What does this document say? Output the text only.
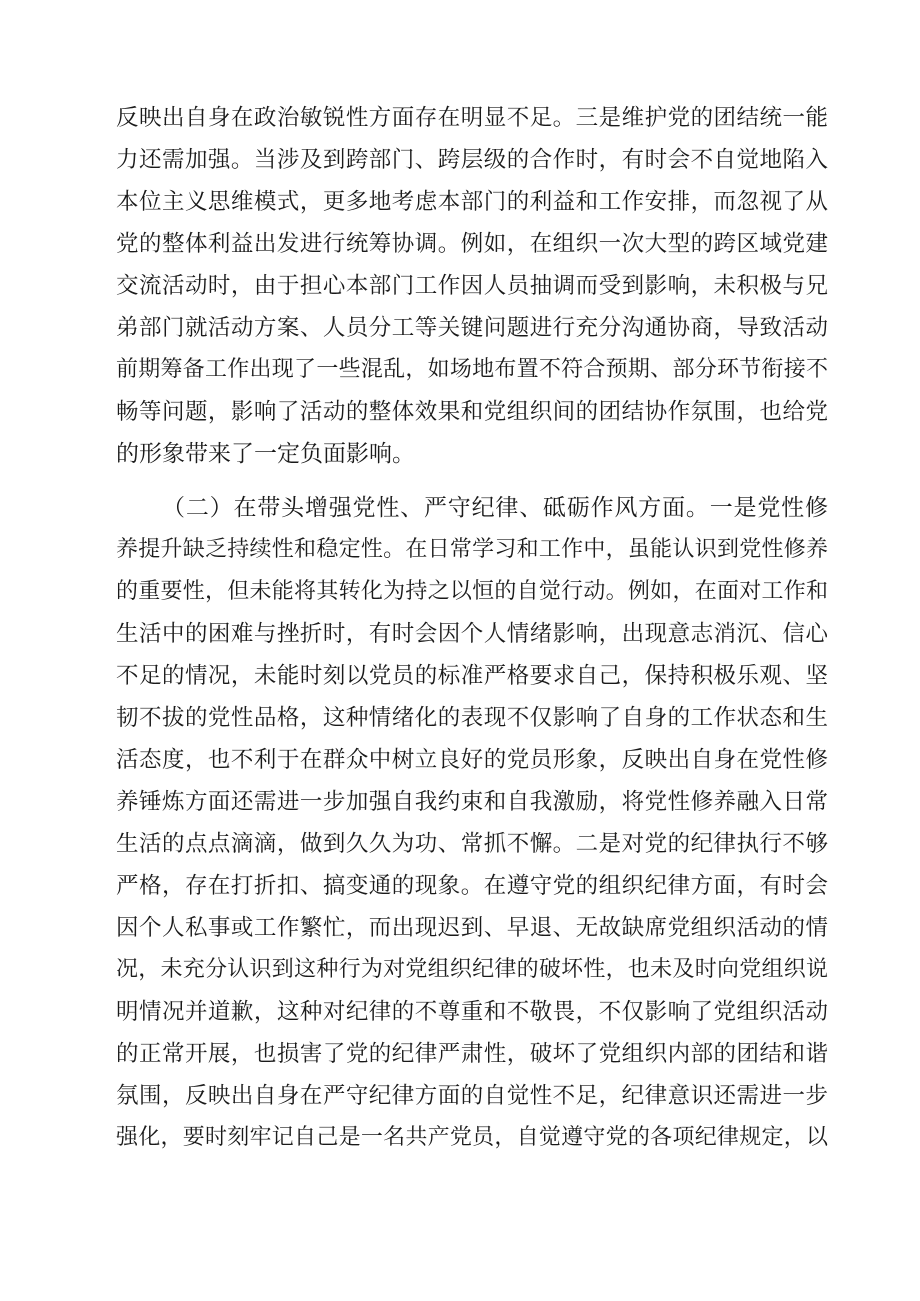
反映出自身在政治敏锐性方面存在明显不足。三是维护党的团结统一能
力还需加强。当涉及到跨部门、跨层级的合作时，有时会不自觉地陷入
本位主义思维模式，更多地考虑本部门的利益和工作安排，而忽视了从
党的整体利益出发进行统筹协调。例如，在组织一次大型的跨区域党建
交流活动时，由于担心本部门工作因人员抽调而受到影响，未积极与兄
弟部门就活动方案、人员分工等关键问题进行充分沟通协商，导致活动
前期筹备工作出现了一些混乱，如场地布置不符合预期、部分环节衔接不
畅等问题，影响了活动的整体效果和党组织间的团结协作氛围，也给党
的形象带来了一定负面影响。
（二）在带头增强党性、严守纪律、砥砺作风方面。一是党性修
养提升缺乏持续性和稳定性。在日常学习和工作中，虽能认识到党性修养
的重要性，但未能将其转化为持之以恒的自觉行动。例如，在面对工作和
生活中的困难与挫折时，有时会因个人情绪影响，出现意志消沉、信心
不足的情况，未能时刻以党员的标准严格要求自己，保持积极乐观、坚
韧不拔的党性品格，这种情绪化的表现不仅影响了自身的工作状态和生
活态度，也不利于在群众中树立良好的党员形象，反映出自身在党性修
养锤炼方面还需进一步加强自我约束和自我激励，将党性修养融入日常
生活的点点滴滴，做到久久为功、常抓不懈。二是对党的纪律执行不够
严格，存在打折扣、搞变通的现象。在遵守党的组织纪律方面，有时会
因个人私事或工作繁忙，而出现迟到、早退、无故缺席党组织活动的情
况，未充分认识到这种行为对党组织纪律的破坏性，也未及时向党组织说
明情况并道歉，这种对纪律的不尊重和不敬畏，不仅影响了党组织活动
的正常开展，也损害了党的纪律严肃性，破坏了党组织内部的团结和谐
氛围，反映出自身在严守纪律方面的自觉性不足，纪律意识还需进一步
强化，要时刻牢记自己是一名共产党员，自觉遵守党的各项纪律规定，以
